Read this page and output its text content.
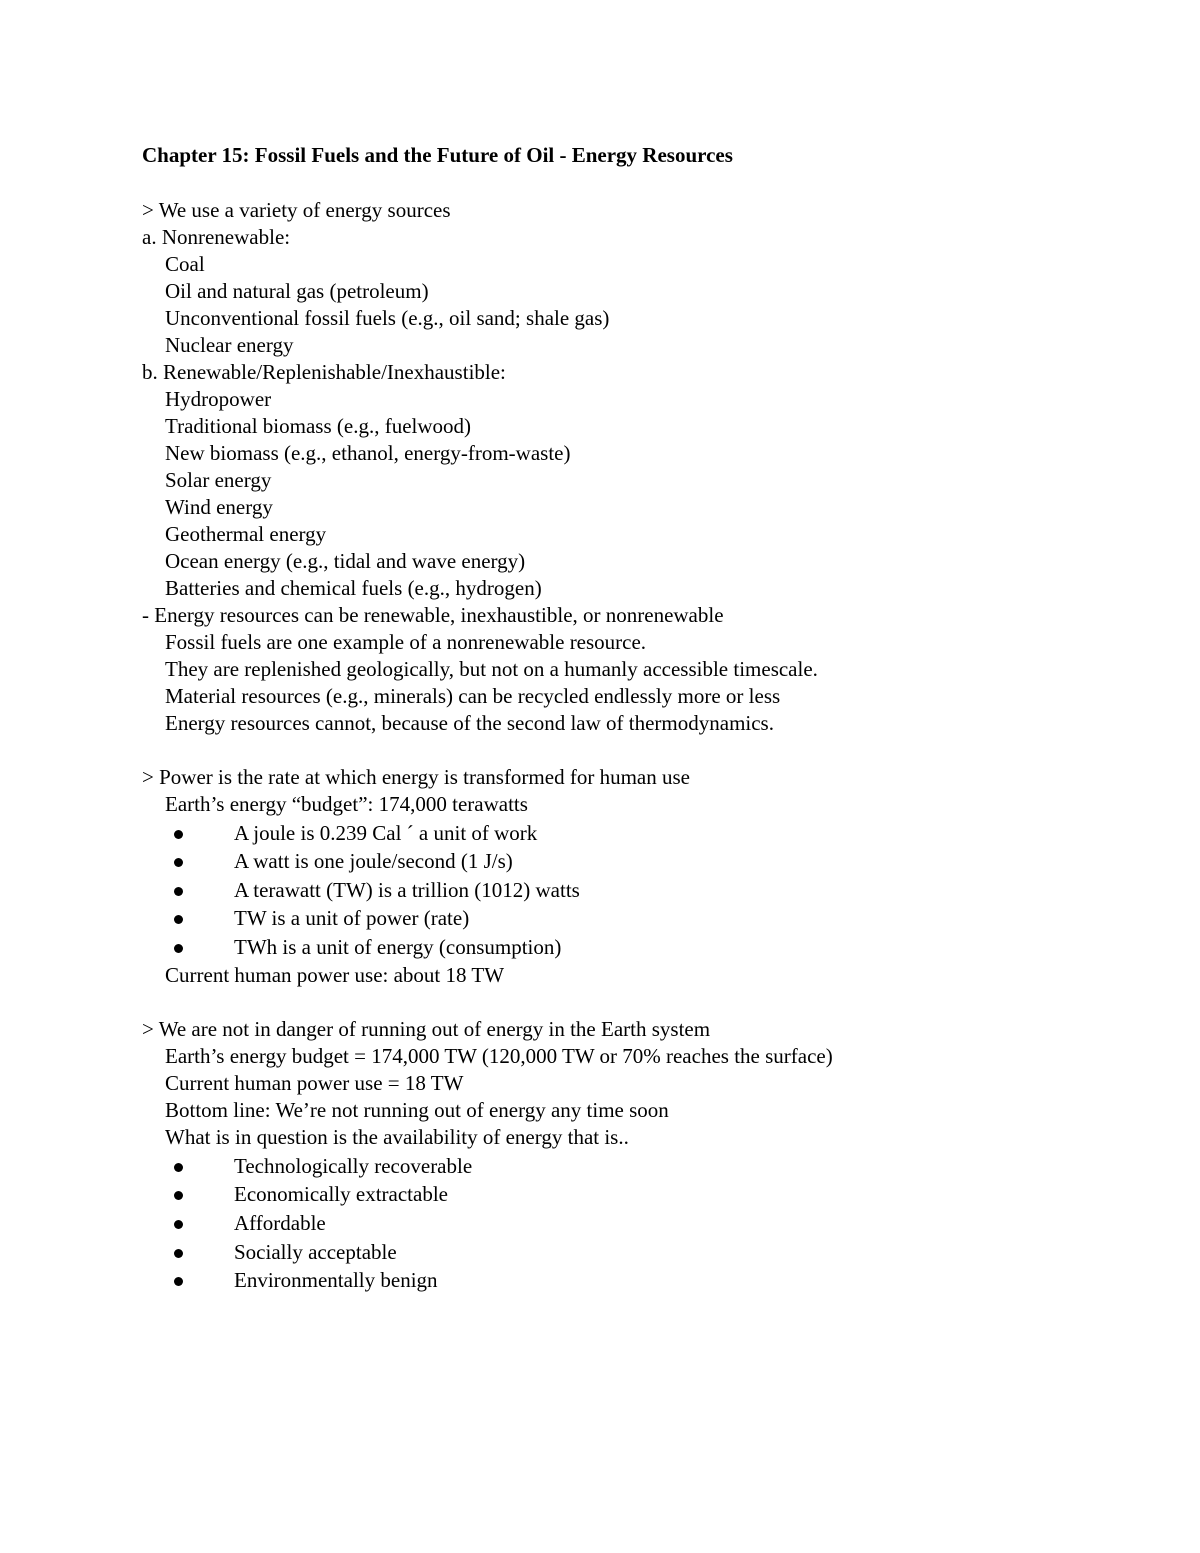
Chapter 15: Fossil Fuels and the Future of Oil - Energy Resources
> We use a variety of energy sources
a. Nonrenewable:
Coal
Oil and natural gas (petroleum)
Unconventional fossil fuels (e.g., oil sand; shale gas)
Nuclear energy
b. Renewable/Replenishable/Inexhaustible:
Hydropower
Traditional biomass (e.g., fuelwood)
New biomass (e.g., ethanol, energy-from-waste)
Solar energy
Wind energy
Geothermal energy
Ocean energy (e.g., tidal and wave energy)
Batteries and chemical fuels (e.g., hydrogen)
- Energy resources can be renewable, inexhaustible, or nonrenewable
Fossil fuels are one example of a nonrenewable resource.
They are replenished geologically, but not on a humanly accessible timescale.
Material resources (e.g., minerals) can be recycled endlessly more or less
Energy resources cannot, because of the second law of thermodynamics.
> Power is the rate at which energy is transformed for human use
Earth’s energy “budget”: 174,000 terawatts
A joule is 0.239 Cal ´ a unit of work
A watt is one joule/second (1 J/s)
A terawatt (TW) is a trillion (1012) watts
TW is a unit of power (rate)
TWh is a unit of energy (consumption)
Current human power use: about 18 TW
> We are not in danger of running out of energy in the Earth system
Earth’s energy budget = 174,000 TW (120,000 TW or 70% reaches the surface)
Current human power use = 18 TW
Bottom line: We’re not running out of energy any time soon
What is in question is the availability of energy that is..
Technologically recoverable
Economically extractable
Affordable
Socially acceptable
Environmentally benign
